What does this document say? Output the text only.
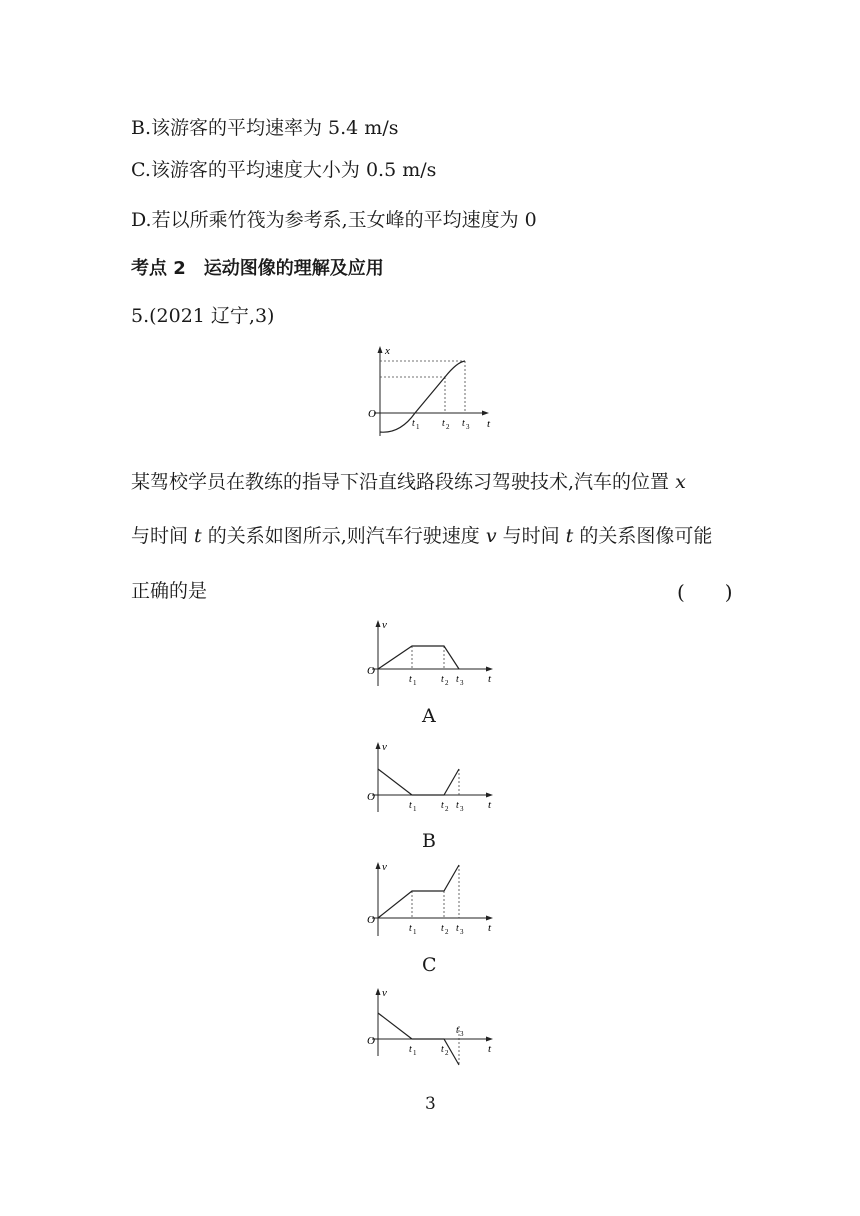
B.该游客的平均速率为 5.4 m/s
C.该游客的平均速度大小为 0.5 m/s
D.若以所乘竹筏为参考系,玉女峰的平均速度为 0
考点 2　运动图像的理解及应用
5.(2021 辽宁,3)
x
O
t
t 1 t 2 t 3
某驾校学员在教练的指导下沿直线路段练习驾驶技术,汽车的位置 x
与时间 t 的关系如图所示,则汽车行驶速度 v 与时间 t 的关系图像可能
正确的是	(　　)
v
O
t
t 1 t 2 t 3
A
v
O
t
t 1 t 2 t 3
B
v
O
t
t 1 t 2 t 3
C
v
O
t
t 1 t 2
t 3
3
